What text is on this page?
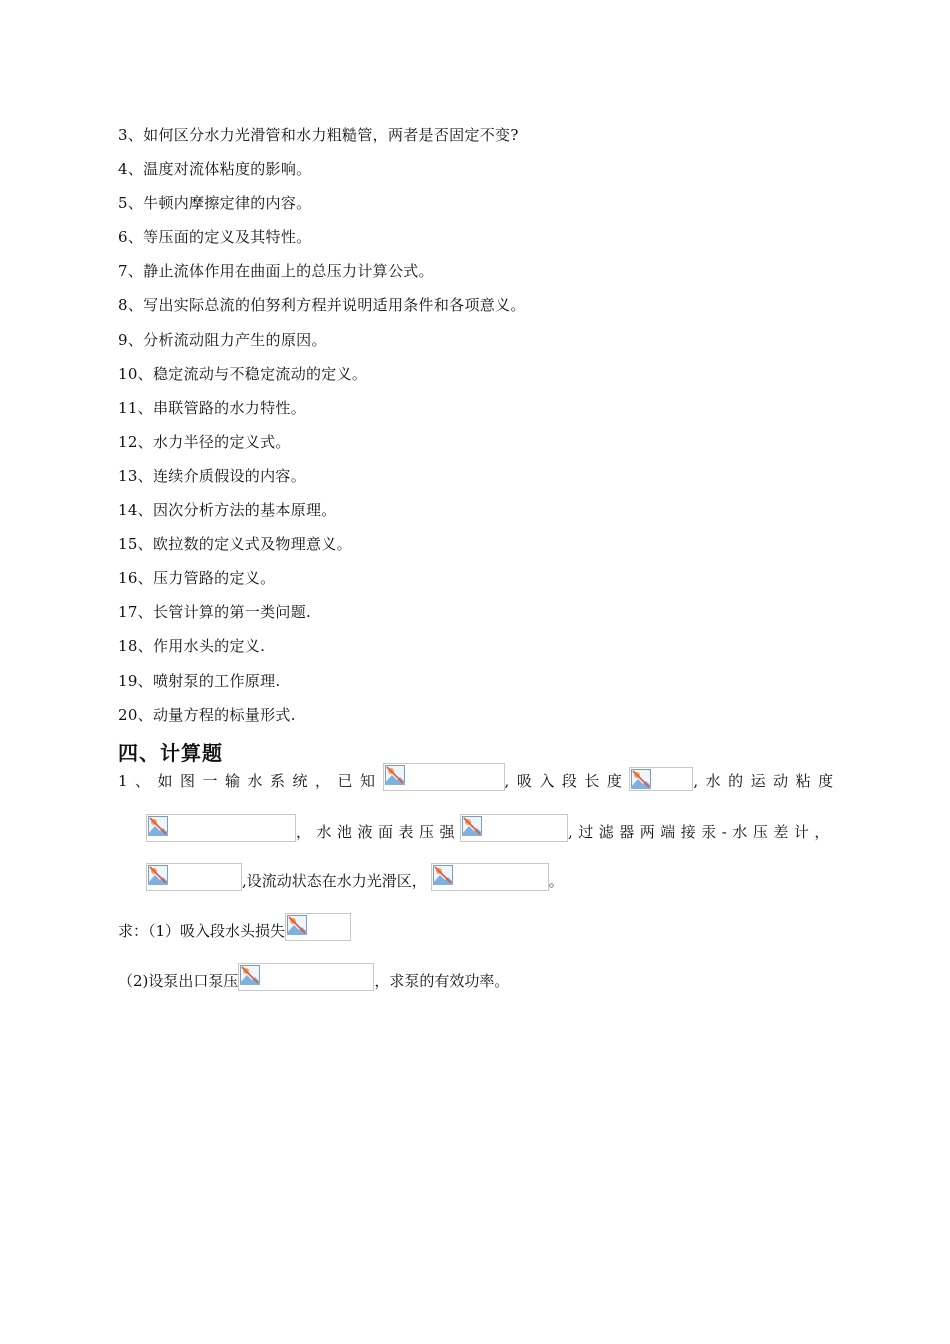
3、如何区分水力光滑管和水力粗糙管，两者是否固定不变?
4、温度对流体粘度的影响。
5、牛顿内摩擦定律的内容。
6、等压面的定义及其特性。
7、静止流体作用在曲面上的总压力计算公式。
8、写出实际总流的伯努利方程并说明适用条件和各项意义。
9、分析流动阻力产生的原因。
10、稳定流动与不稳定流动的定义。
11、串联管路的水力特性。
12、水力半径的定义式。
13、连续介质假设的内容。
14、因次分析方法的基本原理。
15、欧拉数的定义式及物理意义。
16、压力管路的定义。
17、长管计算的第一类问题.
18、作用水头的定义.
19、喷射泵的工作原理.
20、动量方程的标量形式.
四、计算题
1、如图一输水系统，已知	,吸入段长度	,水的运动粘度
，水池液面表压强	,过滤器两端接汞-水压差计，
,设流动状态在水力光滑区，	。
求：（1）吸入段水头损失
（2)设泵出口泵压	，求泵的有效功率。
